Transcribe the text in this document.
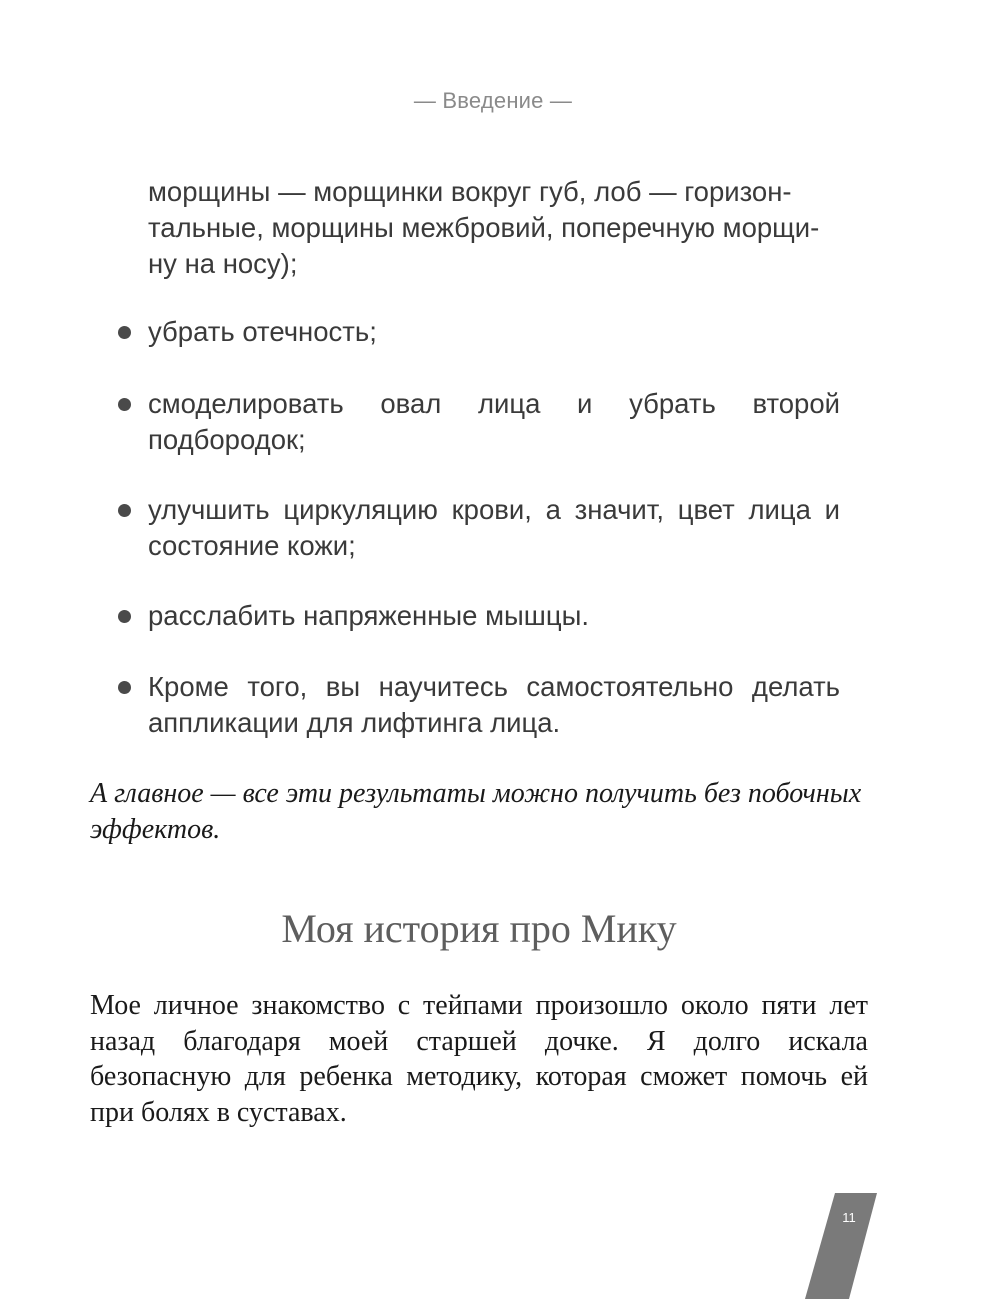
— Введение —

морщины — морщинки вокруг губ, лоб — горизон-

тальные, морщины межбровий, поперечную морщи-

ну на носу);

убрать отечность;
смоделировать овал лица и убрать второй подбородок;
улучшить циркуляцию крови, а значит, цвет лица и состояние кожи;
расслабить напряженные мышцы.
Кроме того, вы научитесь самостоятельно делать аппликации для лифтинга лица.

А главное — все эти результаты можно получить без побочных эффектов.

Моя история про Мику

Мое личное знакомство с тейпами произошло около пяти лет назад благодаря моей старшей дочке. Я долго искала безопасную для ребенка методику, которая сможет помочь ей при болях в суставах.

11
